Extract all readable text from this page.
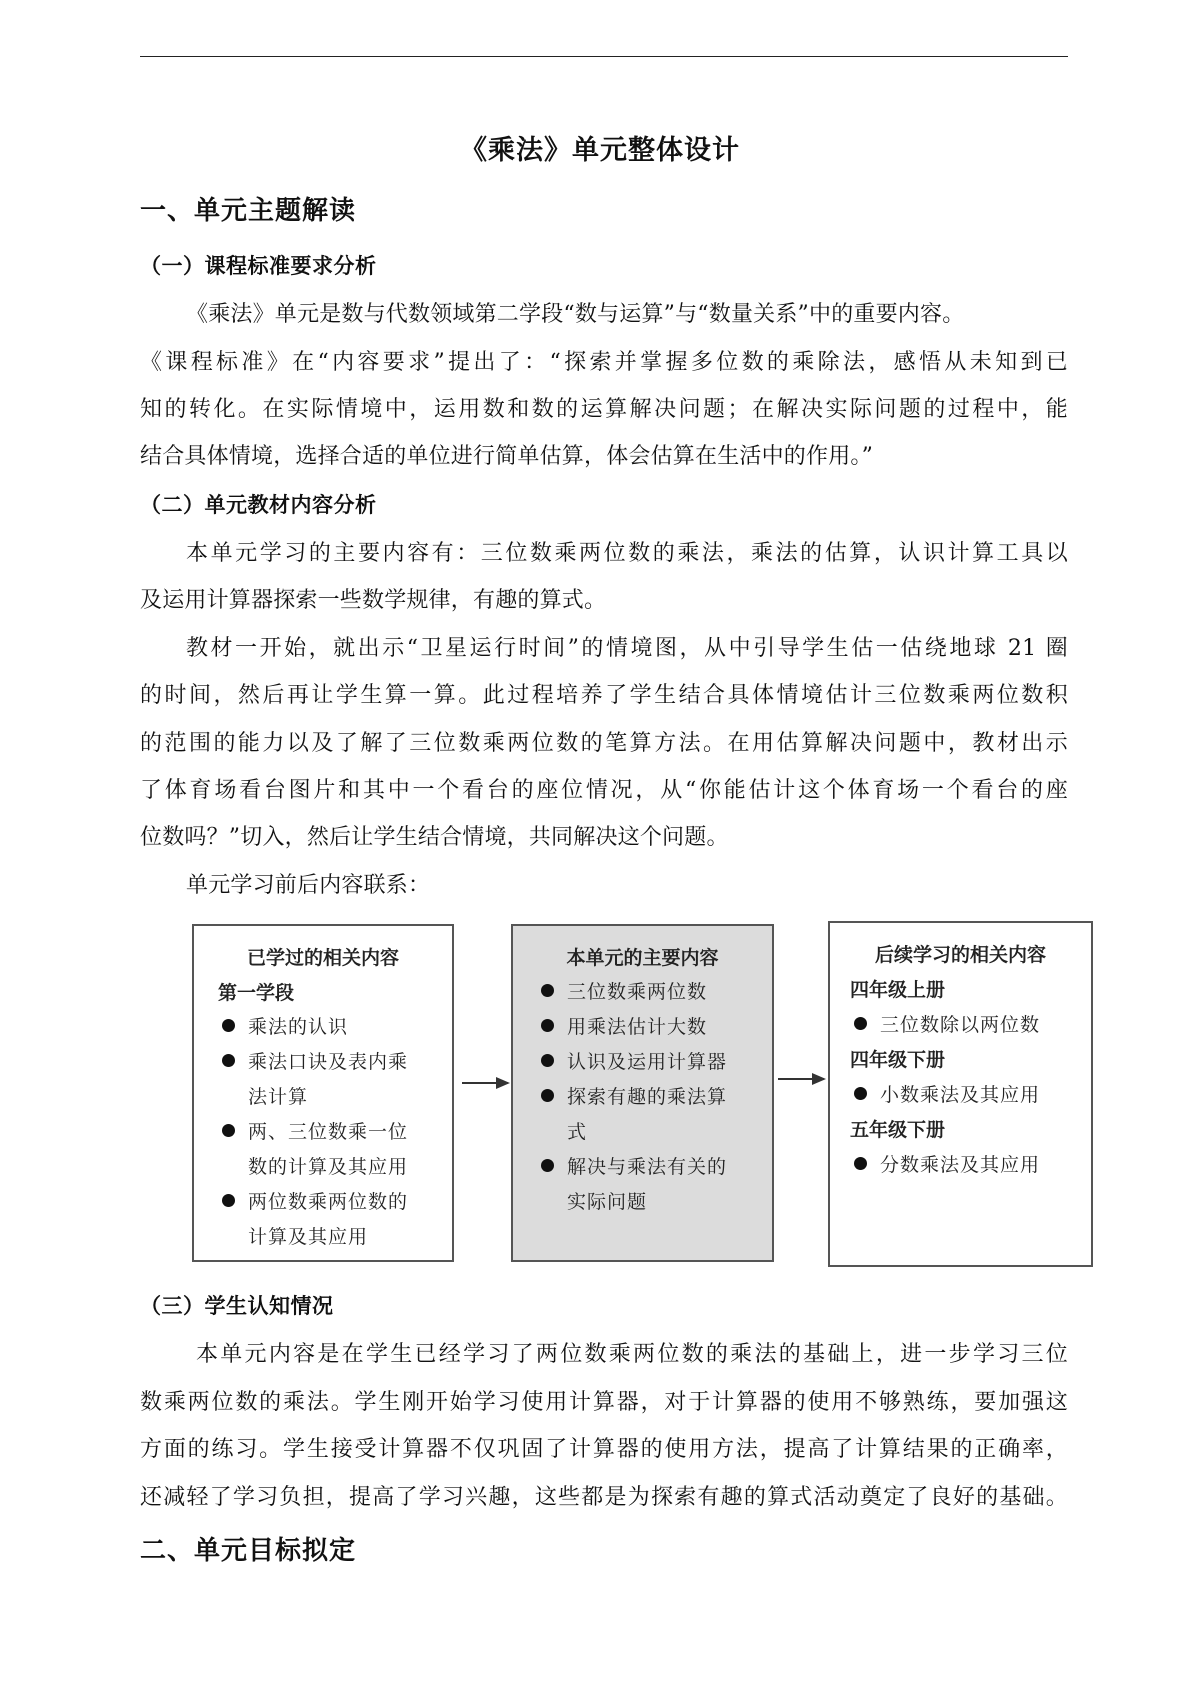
《乘法》单元整体设计
一、单元主题解读
（一）课程标准要求分析
《乘法》单元是数与代数领域第二学段“数与运算”与“数量关系”中的重要内容。
《课程标准》在“内容要求”提出了：“探索并掌握多位数的乘除法，感悟从未知到已
知的转化。在实际情境中，运用数和数的运算解决问题；在解决实际问题的过程中，能
结合具体情境，选择合适的单位进行简单估算，体会估算在生活中的作用。”
（二）单元教材内容分析
本单元学习的主要内容有：三位数乘两位数的乘法，乘法的估算，认识计算工具以
及运用计算器探索一些数学规律，有趣的算式。
教材一开始，就出示“卫星运行时间”的情境图，从中引导学生估一估绕地球 21 圈
的时间，然后再让学生算一算。此过程培养了学生结合具体情境估计三位数乘两位数积
的范围的能力以及了解了三位数乘两位数的笔算方法。在用估算解决问题中，教材出示
了体育场看台图片和其中一个看台的座位情况，从“你能估计这个体育场一个看台的座
位数吗？”切入，然后让学生结合情境，共同解决这个问题。
单元学习前后内容联系：
已学过的相关内容
第一学段
乘法的认识
乘法口诀及表内乘
法计算
两、三位数乘一位
数的计算及其应用
两位数乘两位数的
计算及其应用
本单元的主要内容
三位数乘两位数
用乘法估计大数
认识及运用计算器
探索有趣的乘法算
式
解决与乘法有关的
实际问题
后续学习的相关内容
四年级上册
三位数除以两位数
四年级下册
小数乘法及其应用
五年级下册
分数乘法及其应用
（三）学生认知情况
本单元内容是在学生已经学习了两位数乘两位数的乘法的基础上，进一步学习三位
数乘两位数的乘法。学生刚开始学习使用计算器，对于计算器的使用不够熟练，要加强这
方面的练习。学生接受计算器不仅巩固了计算器的使用方法，提高了计算结果的正确率，
还减轻了学习负担，提高了学习兴趣，这些都是为探索有趣的算式活动奠定了良好的基础。
二、单元目标拟定
